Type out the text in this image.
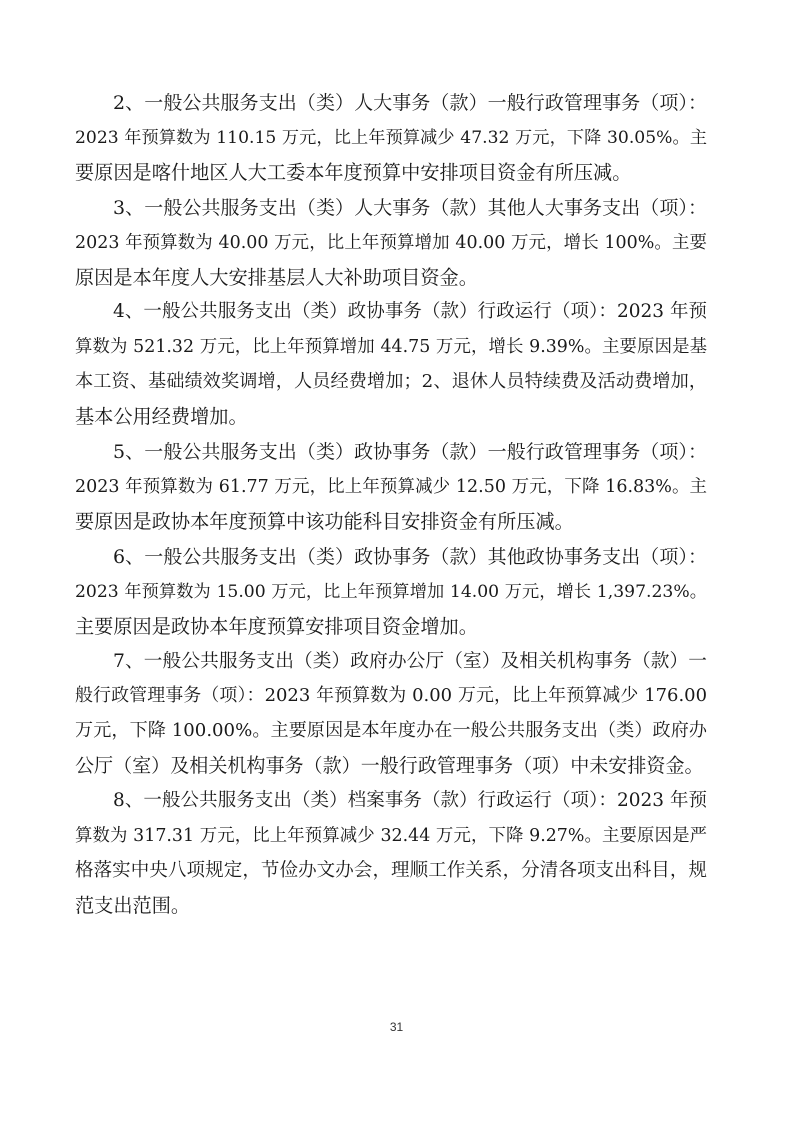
2、一般公共服务支出（类）人大事务（款）一般行政管理事务（项）：
2023 年预算数为 110.15 万元，比上年预算减少 47.32 万元，下降 30.05%。主
要原因是喀什地区人大工委本年度预算中安排项目资金有所压减。
3、一般公共服务支出（类）人大事务（款）其他人大事务支出（项）：
2023 年预算数为 40.00 万元，比上年预算增加 40.00 万元，增长 100%。主要
原因是本年度人大安排基层人大补助项目资金。
4、一般公共服务支出（类）政协事务（款）行政运行（项）：2023 年预
算数为 521.32 万元，比上年预算增加 44.75 万元，增长 9.39%。主要原因是基
本工资、基础绩效奖调增，人员经费增加；2、退休人员特续费及活动费增加，
基本公用经费增加。
5、一般公共服务支出（类）政协事务（款）一般行政管理事务（项）：
2023 年预算数为 61.77 万元，比上年预算减少 12.50 万元，下降 16.83%。主
要原因是政协本年度预算中该功能科目安排资金有所压减。
6、一般公共服务支出（类）政协事务（款）其他政协事务支出（项）：
2023 年预算数为 15.00 万元，比上年预算增加 14.00 万元，增长 1,397.23%。
主要原因是政协本年度预算安排项目资金增加。
7、一般公共服务支出（类）政府办公厅（室）及相关机构事务（款）一
般行政管理事务（项）：2023 年预算数为 0.00 万元，比上年预算减少 176.00
万元，下降 100.00%。主要原因是本年度办在一般公共服务支出（类）政府办
公厅（室）及相关机构事务（款）一般行政管理事务（项）中未安排资金。
8、一般公共服务支出（类）档案事务（款）行政运行（项）：2023 年预
算数为 317.31 万元，比上年预算减少 32.44 万元，下降 9.27%。主要原因是严
格落实中央八项规定，节俭办文办会，理顺工作关系，分清各项支出科目，规
范支出范围。
31
